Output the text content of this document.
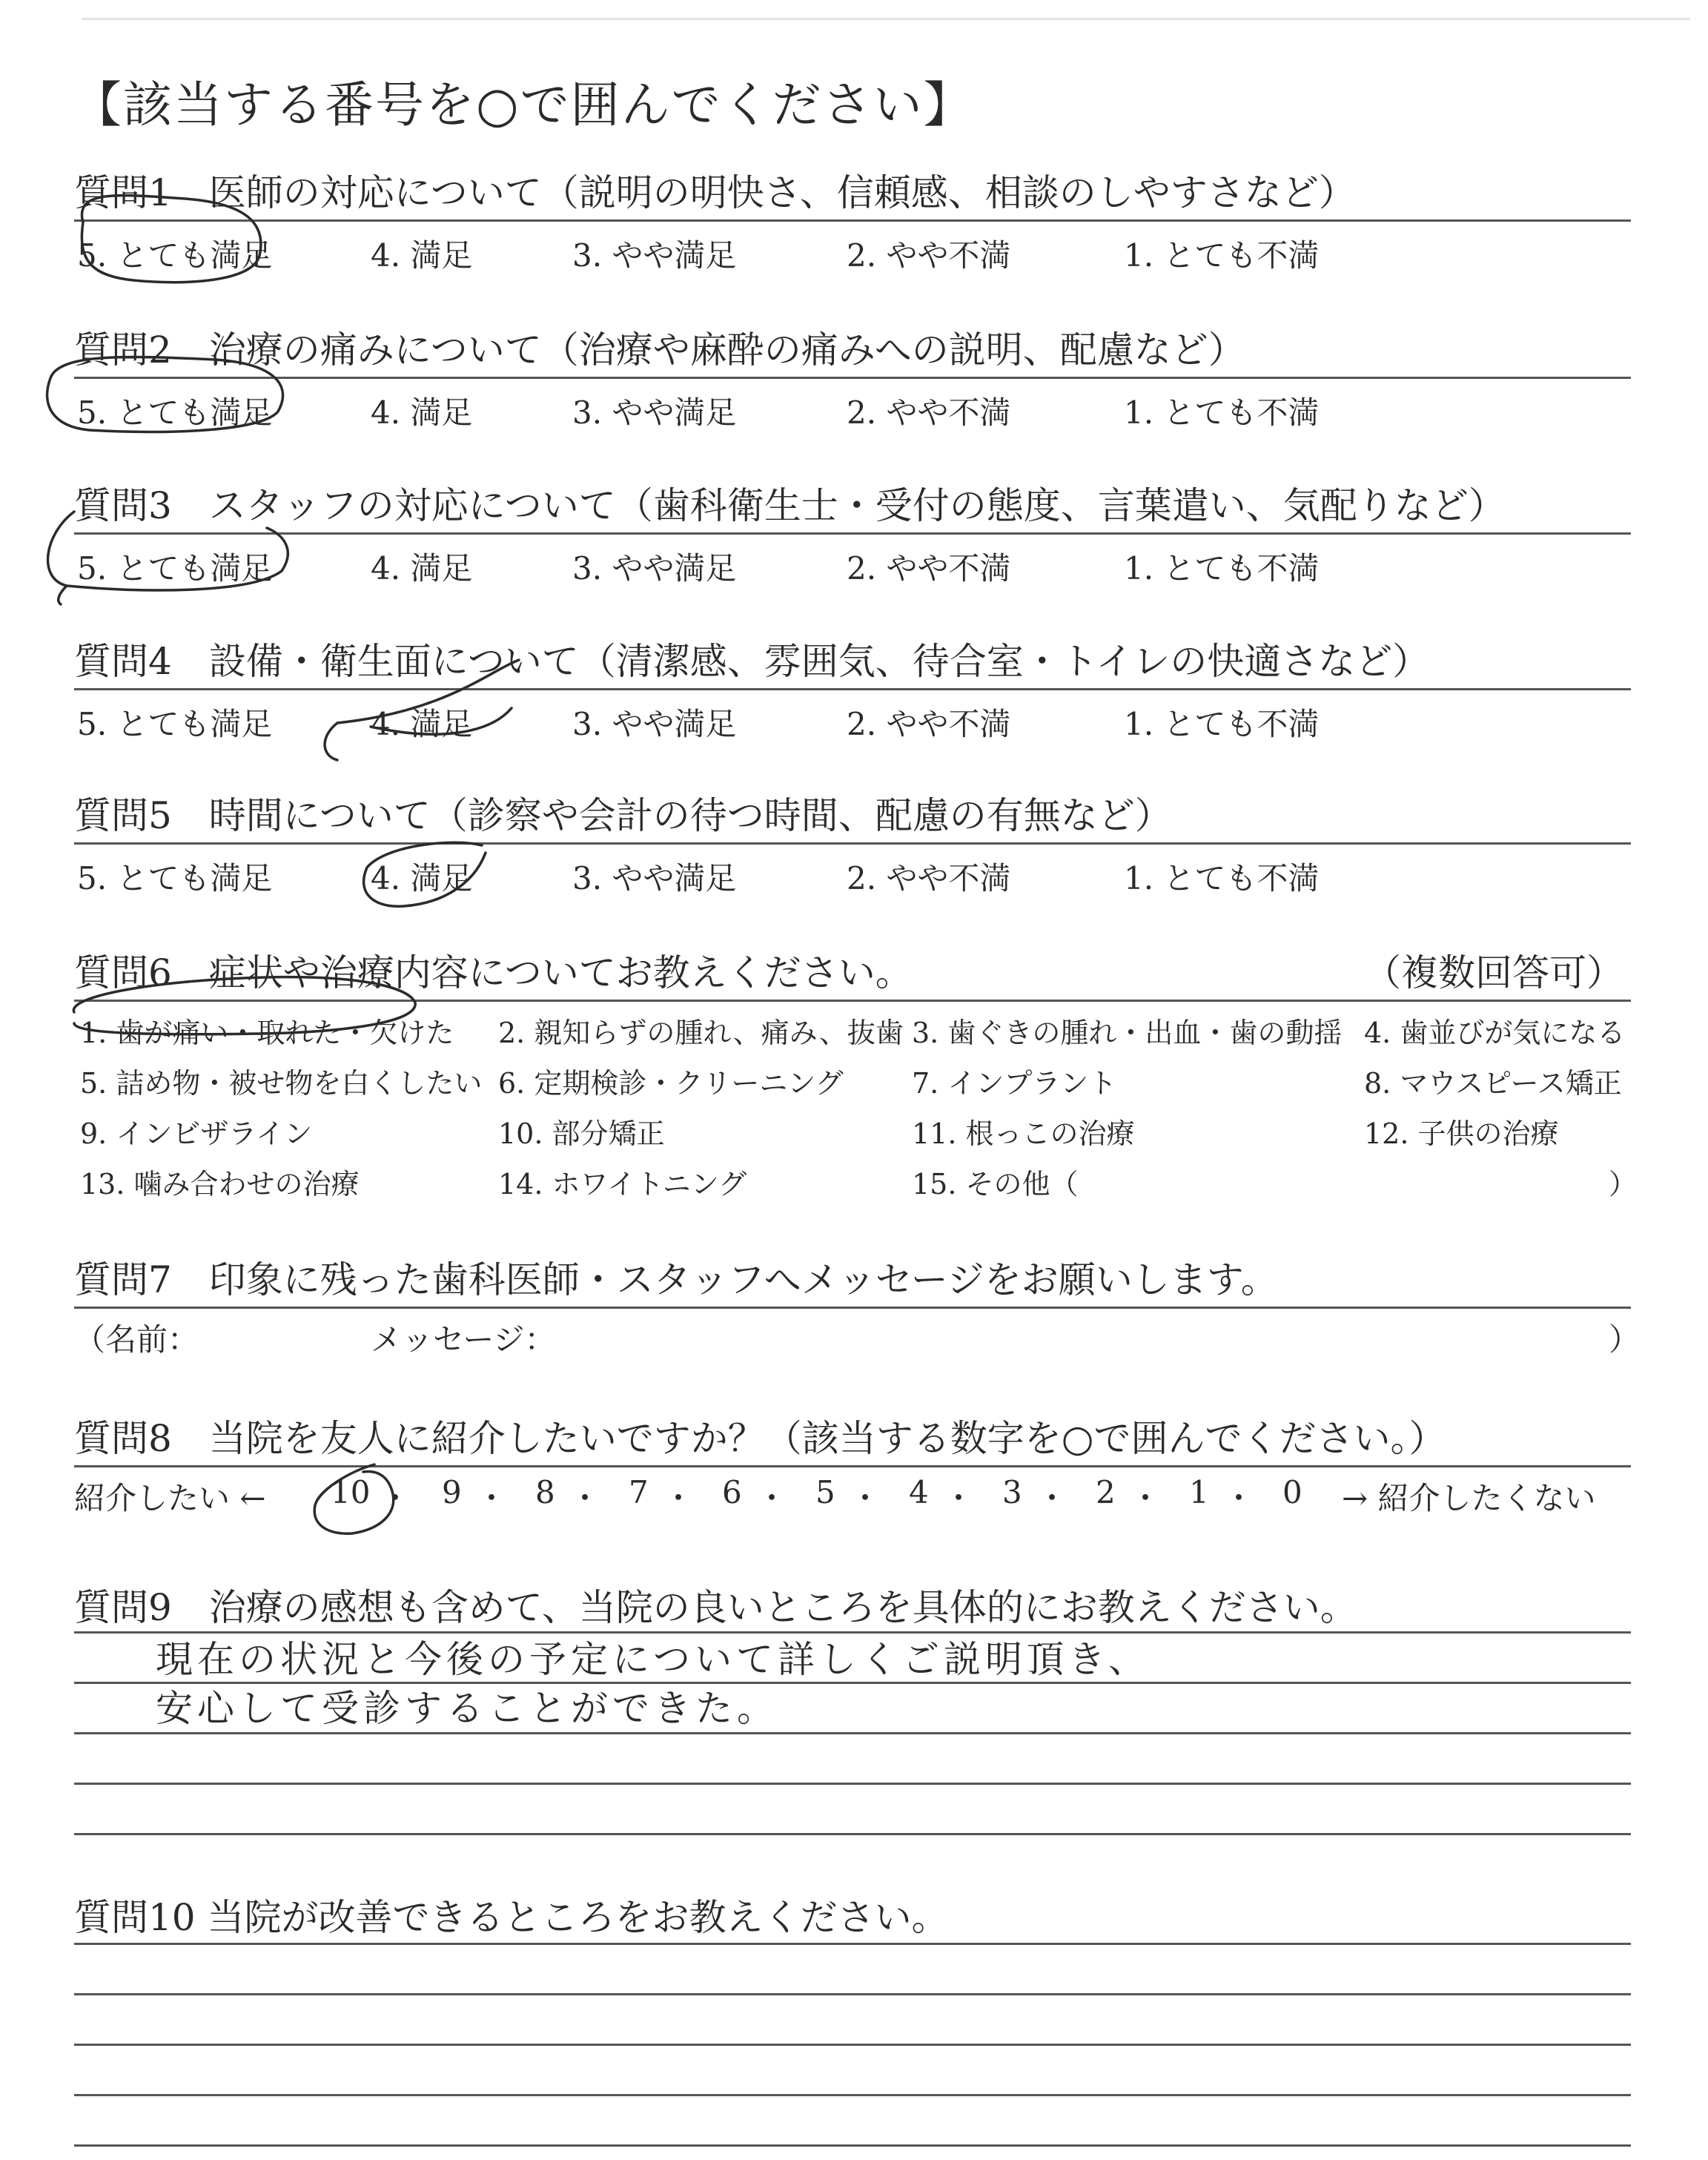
【該当する番号を○で囲んでください】
質問1　医師の対応について（説明の明快さ、信頼感、相談のしやすさなど）
5. とても満足	4. 満足	3. やや満足	2. やや不満	1. とても不満
質問2　治療の痛みについて（治療や麻酔の痛みへの説明、配慮など）
5. とても満足	4. 満足	3. やや満足	2. やや不満	1. とても不満
質問3　スタッフの対応について（歯科衛生士・受付の態度、言葉遣い、気配りなど）
5. とても満足	4. 満足	3. やや満足	2. やや不満	1. とても不満
質問4　設備・衛生面について（清潔感、雰囲気、待合室・トイレの快適さなど）
5. とても満足	4. 満足	3. やや満足	2. やや不満	1. とても不満
質問5　時間について（診察や会計の待つ時間、配慮の有無など）
5. とても満足	4. 満足	3. やや満足	2. やや不満	1. とても不満
質問6　症状や治療内容についてお教えください。	（複数回答可）
1. 歯が痛い・取れた・欠けた 2. 親知らずの腫れ、痛み、抜歯 3. 歯ぐきの腫れ・出血・歯の動揺 4. 歯並びが気になる
5. 詰め物・被せ物を白くしたい 6. 定期検診・クリーニング 7. インプラント	8. マウスピース矯正
9. インビザライン	10. 部分矯正	11. 根っこの治療	12. 子供の治療
13. 噛み合わせの治療	14. ホワイトニング	15. その他（	）
質問7　印象に残った歯科医師・スタッフへメッセージをお願いします。
（名前：	メッセージ：	）
質問8　当院を友人に紹介したいですか？（該当する数字を○で囲んでください。）
紹介したい ← 10 ・ 9 ・ 8 ・ 7 ・ 6 ・ 5 ・ 4 ・ 3 ・ 2 ・ 1 ・ 0 → 紹介したくない
質問9　治療の感想も含めて、当院の良いところを具体的にお教えください。
現在の状況と今後の予定について詳しくご説明頂き、
安心して受診することができた。
質問10 当院が改善できるところをお教えください。
